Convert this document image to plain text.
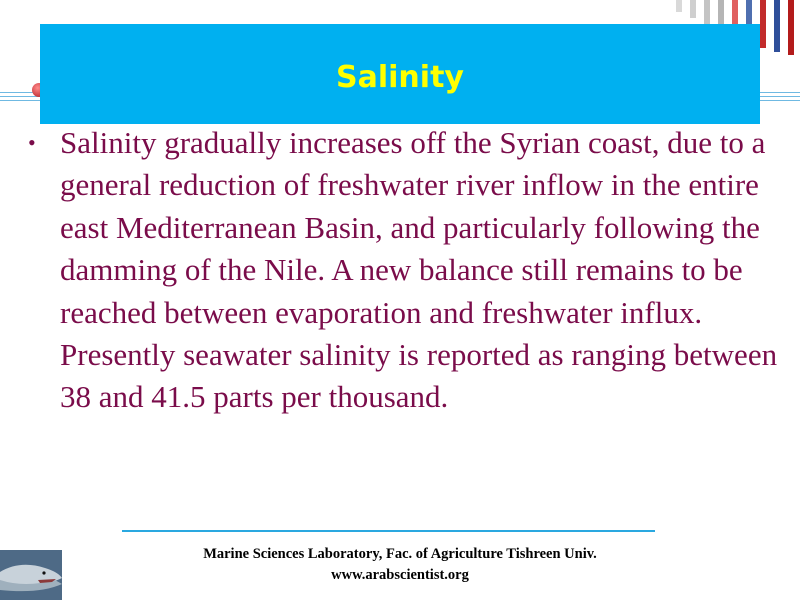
Salinity
• Salinity gradually increases off the Syrian coast, due to a general reduction of freshwater river inflow in the entire east Mediterranean Basin, and particularly following the damming of the Nile. A new balance still remains to be reached between evaporation and freshwater influx. Presently seawater salinity is reported as ranging between 38 and 41.5 parts per thousand.
Marine Sciences Laboratory, Fac. of Agriculture Tishreen Univ.
www.arabscientist.org
